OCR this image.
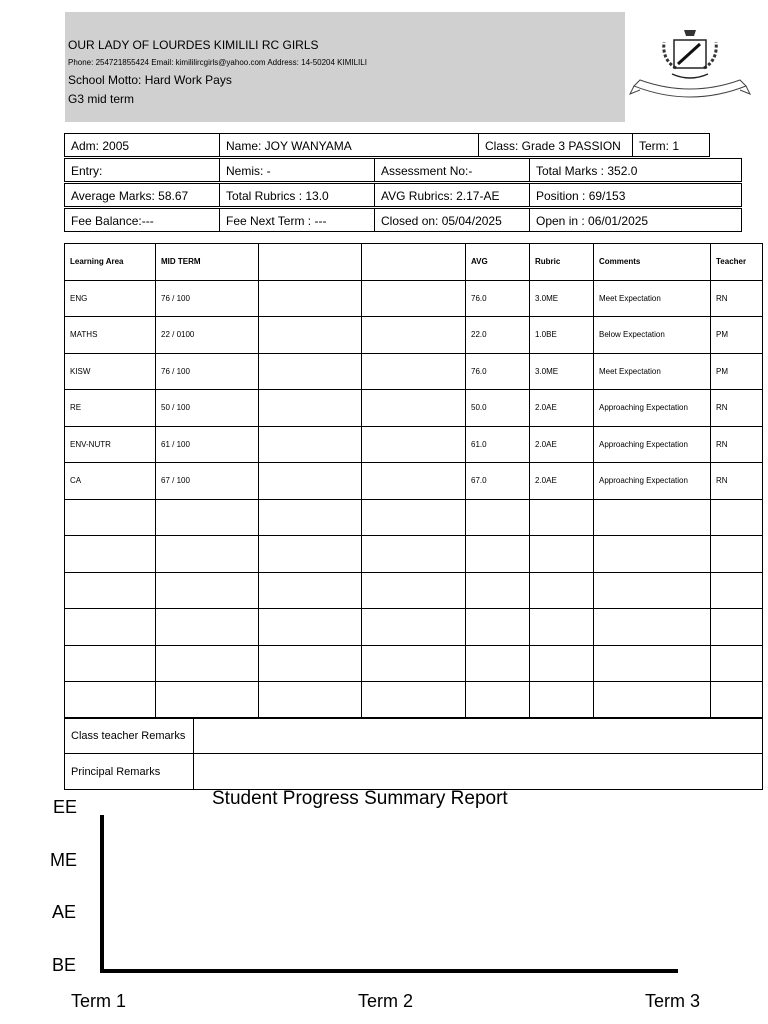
OUR LADY OF LOURDES KIMILILI RC GIRLS
Phone: 254721855424 Email: kimililircgirls@yahoo.com Address: 14-50204 KIMILILI
School Motto: Hard Work Pays
G3 mid term
Adm: 2005	Name: JOY WANYAMA	Class: Grade 3 PASSION	Term: 1
Entry:	Nemis: -	Assessment No:-	Total Marks : 352.0
Average Marks: 58.67	Total Rubrics : 13.0	AVG Rubrics: 2.17-AE	Position : 69/153
Fee Balance:---	Fee Next Term : ---	Closed on: 05/04/2025	Open in : 06/01/2025
Learning Area	MID TERM			AVG	Rubric	Comments	Teacher
ENG	76 / 100			76.0	3.0ME	Meet Expectation	RN
MATHS	22 / 0100			22.0	1.0BE	Below Expectation	PM
KISW	76 / 100			76.0	3.0ME	Meet Expectation	PM
RE	50 / 100			50.0	2.0AE	Approaching Expectation	RN
ENV-NUTR	61 / 100			61.0	2.0AE	Approaching Expectation	RN
CA	67 / 100			67.0	2.0AE	Approaching Expectation	RN

Class teacher Remarks	
Principal Remarks	
Student Progress Summary Report
EE
ME
AE
BE
Term 1	Term 2	Term 3
